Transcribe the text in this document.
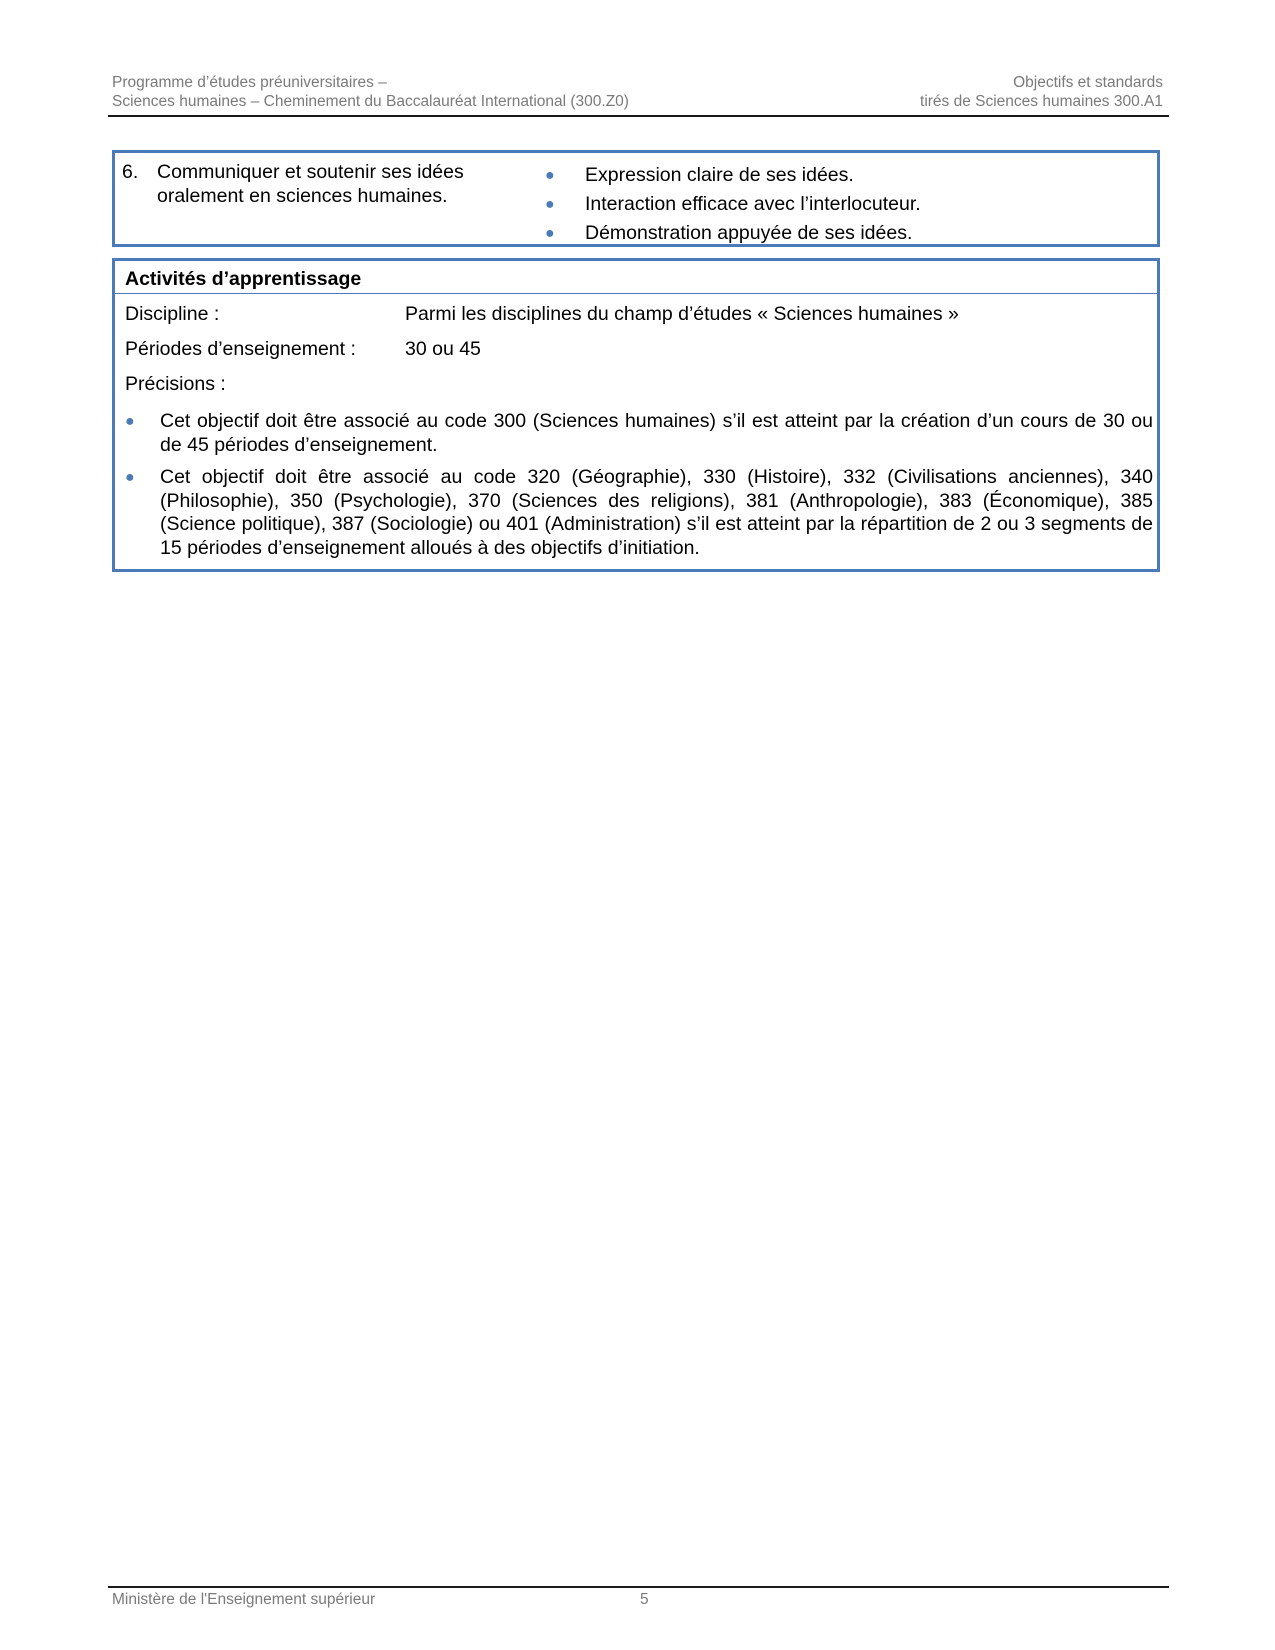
Programme d’études préuniversitaires –
Sciences humaines – Cheminement du Baccalauréat International (300.Z0)
Objectifs et standards
tirés de Sciences humaines 300.A1
6. Communiquer et soutenir ses idées oralement en sciences humaines.
● Expression claire de ses idées.
● Interaction efficace avec l’interlocuteur.
● Démonstration appuyée de ses idées.
Activités d’apprentissage
Discipline :	Parmi les disciplines du champ d’études « Sciences humaines »
Périodes d’enseignement :	30 ou 45
Précisions :
● Cet objectif doit être associé au code 300 (Sciences humaines) s’il est atteint par la création d’un cours de 30 ou de 45 périodes d’enseignement.
● Cet objectif doit être associé au code 320 (Géographie), 330 (Histoire), 332 (Civilisations anciennes), 340 (Philosophie), 350 (Psychologie), 370 (Sciences des religions), 381 (Anthropologie), 383 (Économique), 385 (Science politique), 387 (Sociologie) ou 401 (Administration) s’il est atteint par la répartition de 2 ou 3 segments de 15 périodes d’enseignement alloués à des objectifs d’initiation.
Ministère de l'Enseignement supérieur	5
